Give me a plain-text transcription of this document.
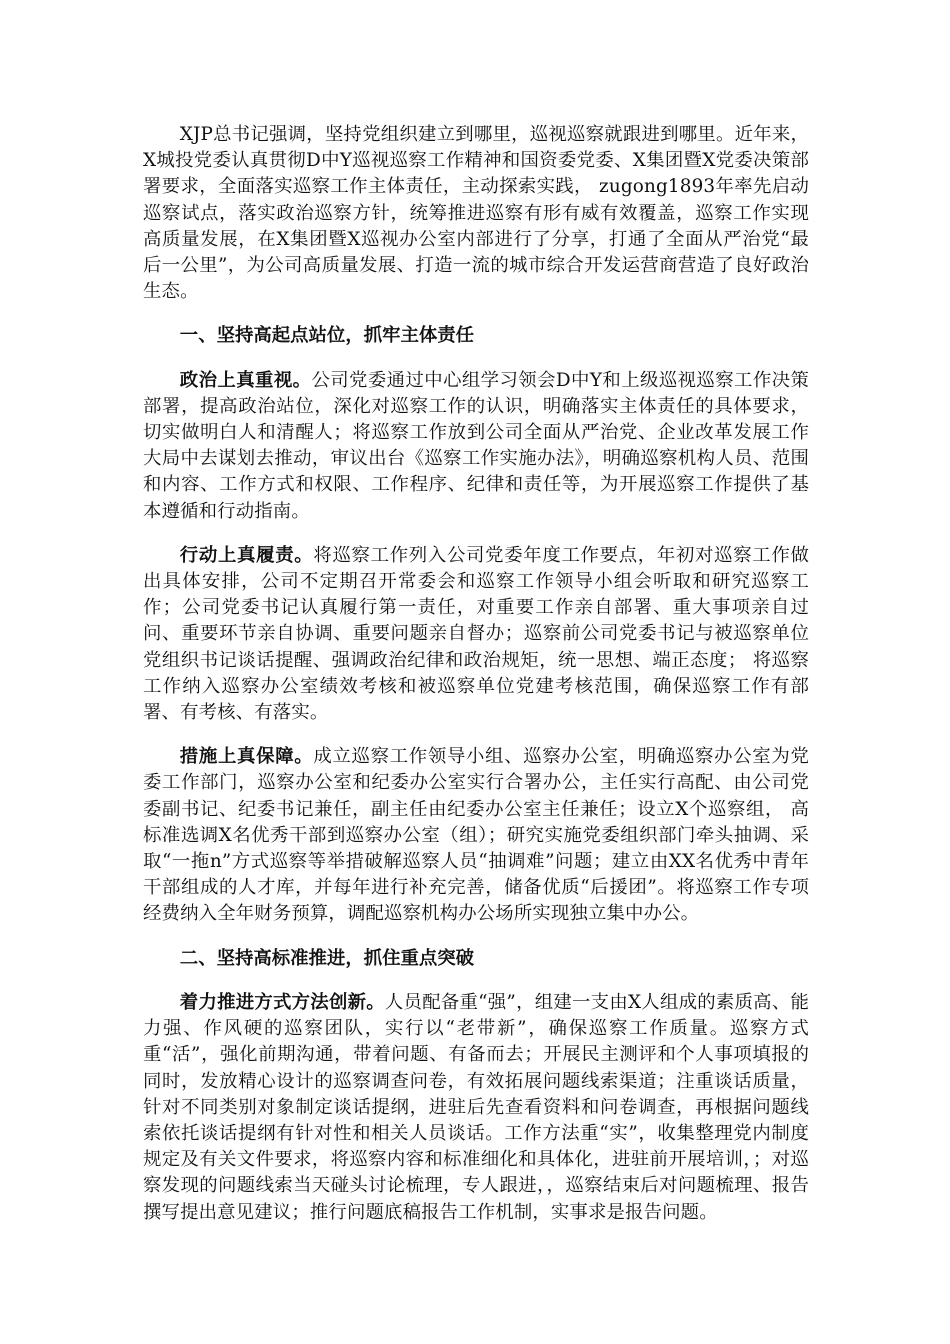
XJP总书记强调，坚持党组织建立到哪里，巡视巡察就跟进到哪里。近年来，X城投党委认真贯彻D中Y巡视巡察工作精神和国资委党委、X集团暨X党委决策部署要求，全面落实巡察工作主体责任，主动探索实践， zugong1893年率先启动巡察试点，落实政治巡察方针，统筹推进巡察有形有威有效覆盖，巡察工作实现高质量发展，在X集团暨X巡视办公室内部进行了分享，打通了全面从严治党“最后一公里”，为公司高质量发展、打造一流的城市综合开发运营商营造了良好政治生态。

一、坚持高起点站位，抓牢主体责任

政治上真重视。公司党委通过中心组学习领会D中Y和上级巡视巡察工作决策部署，提高政治站位，深化对巡察工作的认识，明确落实主体责任的具体要求，切实做明白人和清醒人；将巡察工作放到公司全面从严治党、企业改革发展工作大局中去谋划去推动，审议出台《巡察工作实施办法》，明确巡察机构人员、范围和内容、工作方式和权限、工作程序、纪律和责任等，为开展巡察工作提供了基本遵循和行动指南。

行动上真履责。将巡察工作列入公司党委年度工作要点，年初对巡察工作做出具体安排，公司不定期召开常委会和巡察工作领导小组会听取和研究巡察工作；公司党委书记认真履行第一责任，对重要工作亲自部署、重大事项亲自过问、重要环节亲自协调、重要问题亲自督办；巡察前公司党委书记与被巡察单位党组织书记谈话提醒、强调政治纪律和政治规矩，统一思想、端正态度； 将巡察工作纳入巡察办公室绩效考核和被巡察单位党建考核范围，确保巡察工作有部署、有考核、有落实。

措施上真保障。成立巡察工作领导小组、巡察办公室，明确巡察办公室为党委工作部门，巡察办公室和纪委办公室实行合署办公，主任实行高配、由公司党委副书记、纪委书记兼任，副主任由纪委办公室主任兼任；设立X个巡察组， 高标准选调X名优秀干部到巡察办公室（组）；研究实施党委组织部门牵头抽调、采取“一拖n”方式巡察等举措破解巡察人员“抽调难”问题；建立由XX名优秀中青年干部组成的人才库，并每年进行补充完善，储备优质“后援团”。将巡察工作专项经费纳入全年财务预算，调配巡察机构办公场所实现独立集中办公。

二、坚持高标准推进，抓住重点突破

着力推进方式方法创新。人员配备重“强”，组建一支由X人组成的素质高、能力强、作风硬的巡察团队，实行以“老带新”，确保巡察工作质量。巡察方式重“活”，强化前期沟通，带着问题、有备而去；开展民主测评和个人事项填报的同时，发放精心设计的巡察调查问卷，有效拓展问题线索渠道；注重谈话质量，针对不同类别对象制定谈话提纲，进驻后先查看资料和问卷调查，再根据问题线索依托谈话提纲有针对性和相关人员谈话。工作方法重“实”，收集整理党内制度规定及有关文件要求，将巡察内容和标准细化和具体化，进驻前开展培训，；对巡察发现的问题线索当天碰头讨论梳理，专人跟进，，巡察结束后对问题梳理、报告撰写提出意见建议；推行问题底稿报告工作机制，实事求是报告问题。
